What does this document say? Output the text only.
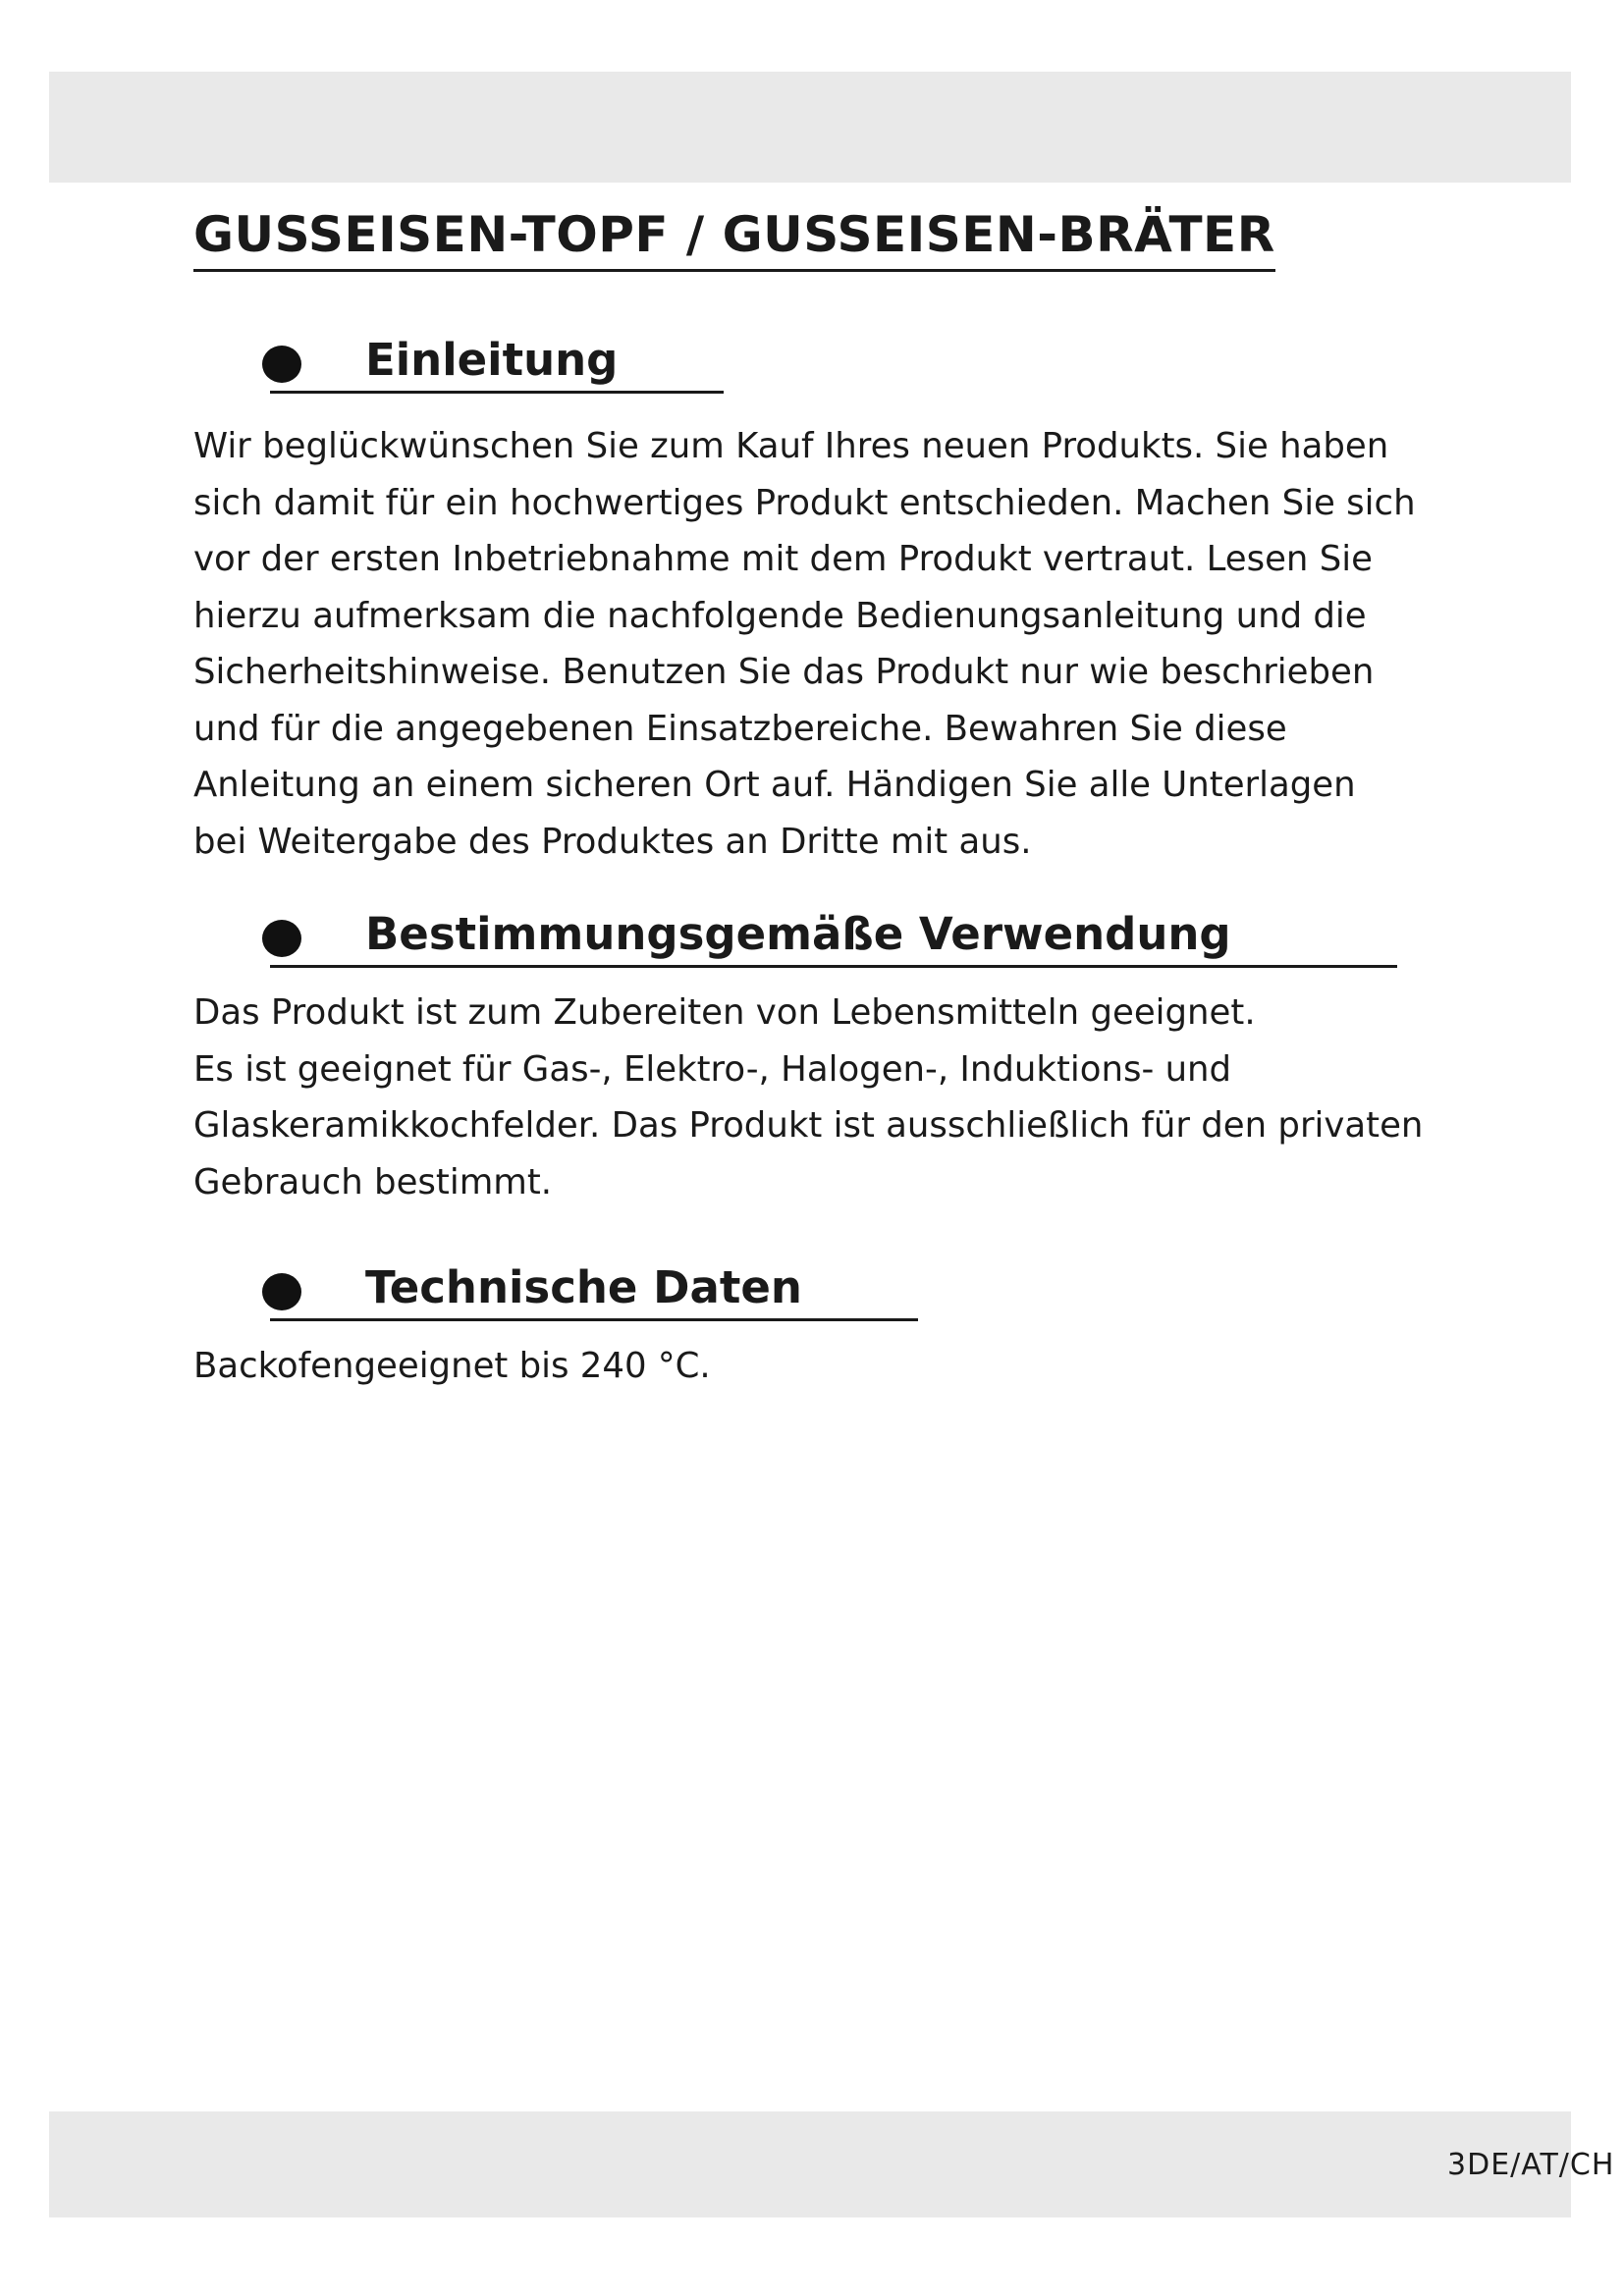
GUSSEISEN-TOPF / GUSSEISEN-BRÄTER
Einleitung

Wir beglückwünschen Sie zum Kauf Ihres neuen Produkts. Sie haben
sich damit für ein hochwertiges Produkt entschieden. Machen Sie sich
vor der ersten Inbetriebnahme mit dem Produkt vertraut. Lesen Sie
hierzu aufmerksam die nachfolgende Bedienungsanleitung und die
Sicherheitshinweise. Benutzen Sie das Produkt nur wie beschrieben
und für die angegebenen Einsatzbereiche. Bewahren Sie diese
Anleitung an einem sicheren Ort auf. Händigen Sie alle Unterlagen
bei Weitergabe des Produktes an Dritte mit aus.

Bestimmungsgemäße Verwendung

Das Produkt ist zum Zubereiten von Lebensmitteln geeignet.
Es ist geeignet für Gas-, Elektro-, Halogen-, Induktions- und
Glaskeramikkochfelder. Das Produkt ist ausschließlich für den privaten
Gebrauch bestimmt.

Technische Daten

Backofengeeignet bis 240 °C.

3DE/AT/CH
